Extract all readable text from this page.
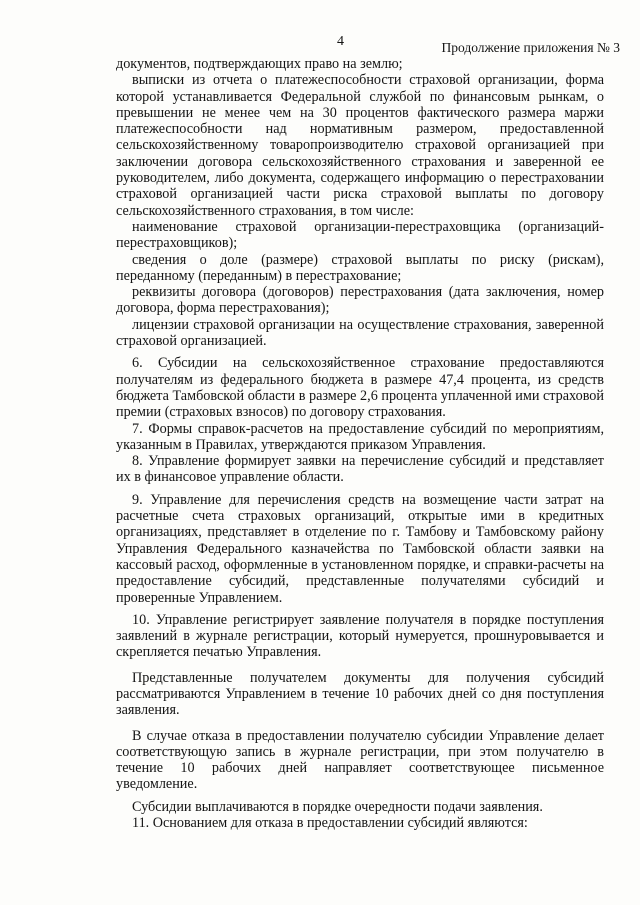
4	Продолжение приложения № 3

документов, подтверждающих право на землю;

выписки из отчета о платежеспособности страховой организации, форма которой устанавливается Федеральной службой по финансовым рынкам, о превышении не менее чем на 30 процентов фактического размера маржи платежеспособности над нормативным размером, предоставленной сельскохозяйственному товаропроизводителю страховой организацией при заключении договора сельскохозяйственного страхования и заверенной ее руководителем, либо документа, содержащего информацию о перестраховании страховой организацией части риска страховой выплаты по договору сельскохозяйственного страхования, в том числе:

наименование страховой организации-перестраховщика (организаций-перестраховщиков);

сведения о доле (размере) страховой выплаты по риску (рискам), переданному (переданным) в перестрахование;

реквизиты договора (договоров) перестрахования (дата заключения, номер договора, форма перестрахования);

лицензии страховой организации на осуществление страхования, заверенной страховой организацией.

6. Субсидии на сельскохозяйственное страхование предоставляются получателям из федерального бюджета в размере 47,4 процента, из средств бюджета Тамбовской области в размере 2,6 процента уплаченной ими страховой премии (страховых взносов) по договору страхования.

7. Формы справок-расчетов на предоставление субсидий по мероприятиям, указанным в Правилах, утверждаются приказом Управления.

8. Управление формирует заявки на перечисление субсидий и представляет их в финансовое управление области.

9. Управление для перечисления средств на возмещение части затрат на расчетные счета страховых организаций, открытые ими в кредитных организациях, представляет в отделение по г. Тамбову и Тамбовскому району Управления Федерального казначейства по Тамбовской области заявки на кассовый расход, оформленные в установленном порядке, и справки-расчеты на предоставление субсидий, представленные получателями субсидий и проверенные Управлением.

10. Управление регистрирует заявление получателя в порядке поступления заявлений в журнале регистрации, который нумеруется, прошнуровывается и скрепляется печатью Управления.

Представленные получателем документы для получения субсидий рассматриваются Управлением в течение 10 рабочих дней со дня поступления заявления.

В случае отказа в предоставлении получателю субсидии Управление делает соответствующую запись в журнале регистрации, при этом получателю в течение 10 рабочих дней направляет соответствующее письменное уведомление.

Субсидии выплачиваются в порядке очередности подачи заявления.

11. Основанием для отказа в предоставлении субсидий являются:
